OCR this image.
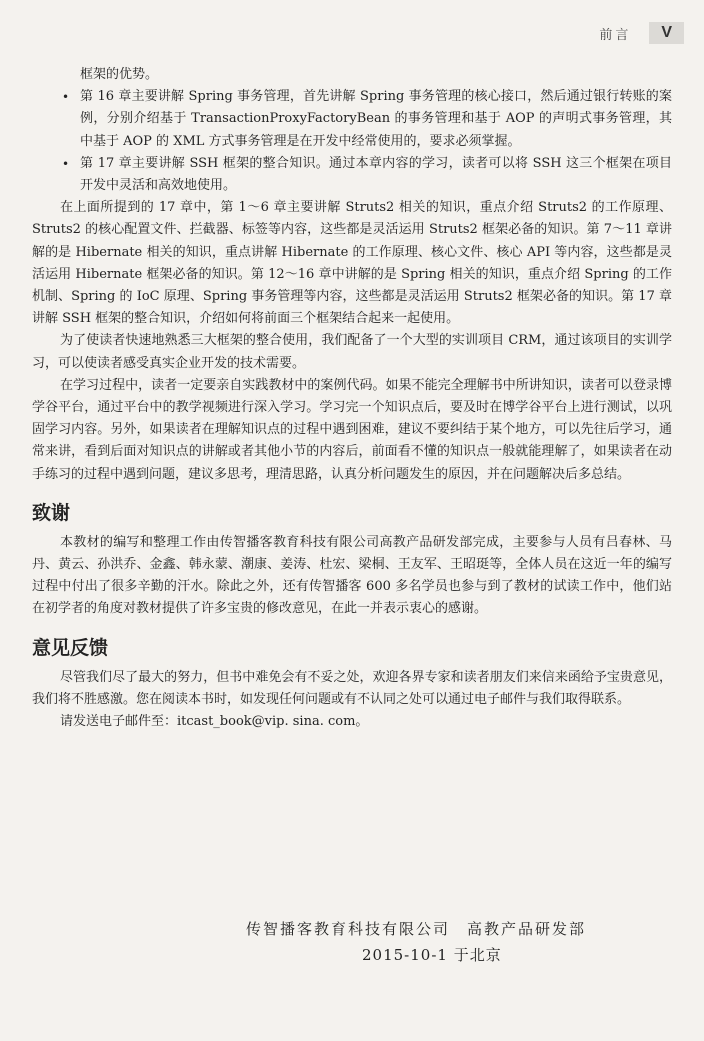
前言	V
框架的优势。
• 第 16 章主要讲解 Spring 事务管理，首先讲解 Spring 事务管理的核心接口，然后通过银行转账的案例，分别介绍基于 TransactionProxyFactoryBean 的事务管理和基于 AOP 的声明式事务管理，其中基于 AOP 的 XML 方式事务管理是在开发中经常使用的，要求必须掌握。
• 第 17 章主要讲解 SSH 框架的整合知识。通过本章内容的学习，读者可以将 SSH 这三个框架在项目开发中灵活和高效地使用。

在上面所提到的 17 章中，第 1～6 章主要讲解 Struts2 相关的知识，重点介绍 Struts2 的工作原理、Struts2 的核心配置文件、拦截器、标签等内容，这些都是灵活运用 Struts2 框架必备的知识。第 7～11 章讲解的是 Hibernate 相关的知识，重点讲解 Hibernate 的工作原理、核心文件、核心 API 等内容，这些都是灵活运用 Hibernate 框架必备的知识。第 12～16 章中讲解的是 Spring 相关的知识，重点介绍 Spring 的工作机制、Spring 的 IoC 原理、Spring 事务管理等内容，这些都是灵活运用 Struts2 框架必备的知识。第 17 章讲解 SSH 框架的整合知识，介绍如何将前面三个框架结合起来一起使用。

为了使读者快速地熟悉三大框架的整合使用，我们配备了一个大型的实训项目 CRM，通过该项目的实训学习，可以使读者感受真实企业开发的技术需要。

在学习过程中，读者一定要亲自实践教材中的案例代码。如果不能完全理解书中所讲知识，读者可以登录博学谷平台，通过平台中的教学视频进行深入学习。学习完一个知识点后，要及时在博学谷平台上进行测试，以巩固学习内容。另外，如果读者在理解知识点的过程中遇到困难，建议不要纠结于某个地方，可以先往后学习，通常来讲，看到后面对知识点的讲解或者其他小节的内容后，前面看不懂的知识点一般就能理解了，如果读者在动手练习的过程中遇到问题，建议多思考，理清思路，认真分析问题发生的原因，并在问题解决后多总结。

致谢

本教材的编写和整理工作由传智播客教育科技有限公司高教产品研发部完成，主要参与人员有吕春林、马丹、黄云、孙洪乔、金鑫、韩永蒙、潮康、姜涛、杜宏、梁桐、王友军、王昭珽等，全体人员在这近一年的编写过程中付出了很多辛勤的汗水。除此之外，还有传智播客 600 多名学员也参与到了教材的试读工作中，他们站在初学者的角度对教材提供了许多宝贵的修改意见，在此一并表示衷心的感谢。

意见反馈

尽管我们尽了最大的努力，但书中难免会有不妥之处，欢迎各界专家和读者朋友们来信来函给予宝贵意见，我们将不胜感激。您在阅读本书时，如发现任何问题或有不认同之处可以通过电子邮件与我们取得联系。

请发送电子邮件至：itcast_book@vip. sina. com。

传智播客教育科技有限公司　高教产品研发部
2015-10-1 于北京
